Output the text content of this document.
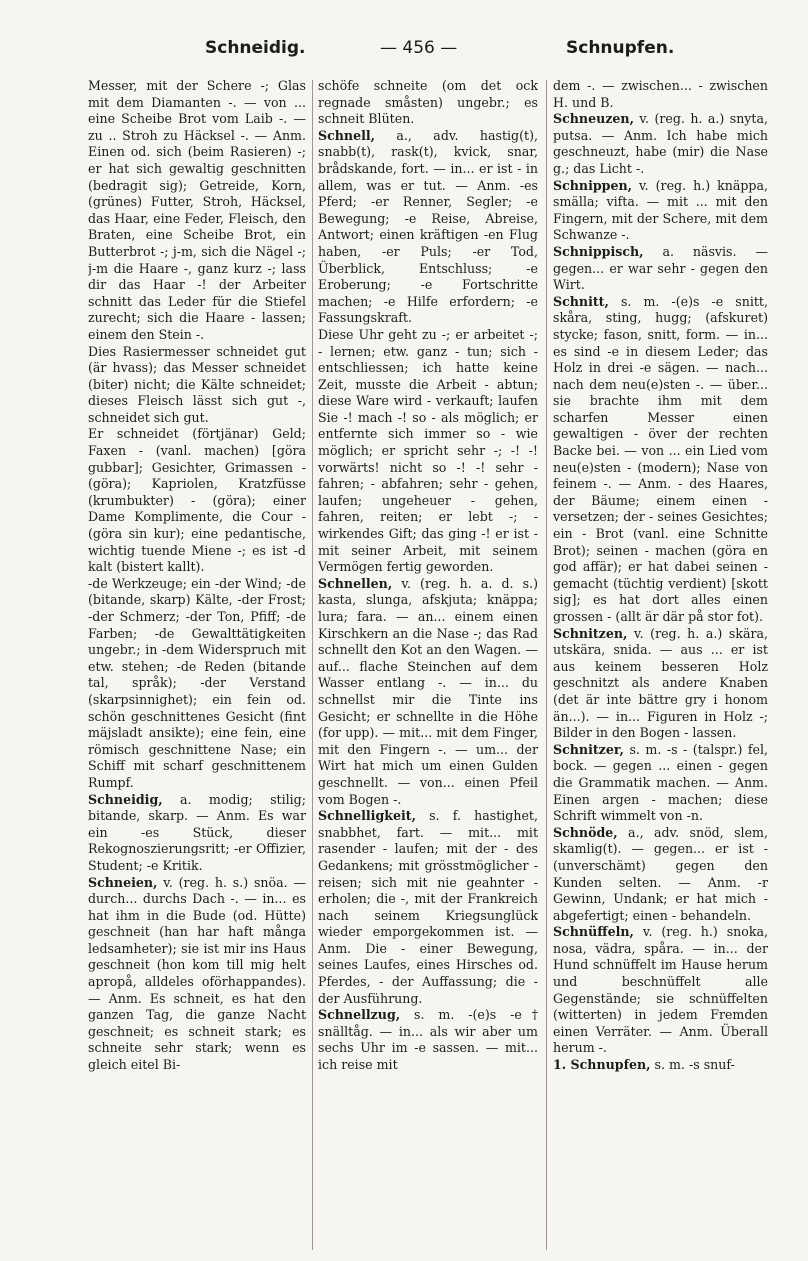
Schneidig.	— 456 —	Schnupfen.

Messer, mit der Schere -; Glas mit dem Diamanten -. — von ... eine Scheibe Brot vom Laib -. — zu .. Stroh zu Häcksel -. — Anm. Einen od. sich (beim Rasieren) -; er hat sich gewaltig geschnitten (bedragit sig); Getreide, Korn, (grünes) Futter, Stroh, Häcksel, das Haar, eine Feder, Fleisch, den Braten, eine Scheibe Brot, ein Butterbrot -; j-m, sich die Nägel -; j-m die Haare -, ganz kurz -; lass dir das Haar -! der Arbeiter schnitt das Leder für die Stiefel zurecht; sich die Haare - lassen; einem den Stein -.

Dies Rasiermesser schneidet gut (är hvass); das Messer schneidet (biter) nicht; die Kälte schneidet; dieses Fleisch lässt sich gut -, schneidet sich gut.

Er schneidet (förtjänar) Geld; Faxen - (vanl. machen) [göra gubbar]; Gesichter, Grimassen - (göra); Kapriolen, Kratzfüsse (krumbukter) - (göra); einer Dame Komplimente, die Cour - (göra sin kur); eine pedantische, wichtig tuende Miene -; es ist -d kalt (bistert kallt).

-de Werkzeuge; ein -der Wind; -de (bitande, skarp) Kälte, -der Frost; -der Schmerz; -der Ton, Pfiff; -de Farben; -de Gewalttätigkeiten ungebr.; in -dem Widerspruch mit etw. stehen; -de Reden (bitande tal, språk); -der Verstand (skarpsinnighet); ein fein od. schön geschnittenes Gesicht (fint mäjsladt ansikte); eine fein, eine römisch geschnittene Nase; ein Schiff mit scharf geschnittenem Rumpf.

Schneidig, a. modig; stilig; bitande, skarp. — Anm. Es war ein -es Stück, dieser Rekognoszierungsritt; -er Offizier, Student; -e Kritik.

Schneien, v. (reg. h. s.) snöa. — durch... durchs Dach -. — in... es hat ihm in die Bude (od. Hütte) geschneit (han har haft många ledsamheter); sie ist mir ins Haus geschneit (hon kom till mig helt apropå, alldeles oförhappandes). — Anm. Es schneit, es hat den ganzen Tag, die ganze Nacht geschneit; es schneit stark; es schneite sehr stark; wenn es gleich eitel Bi-

schöfe schneite (om det ock regnade småsten) ungebr.; es schneit Blüten.

Schnell, a., adv. hastig(t), snabb(t), rask(t), kvick, snar, brådskande, fort. — in... er ist - in allem, was er tut. — Anm. -es Pferd; -er Renner, Segler; -e Bewegung; -e Reise, Abreise, Antwort; einen kräftigen -en Flug haben, -er Puls; -er Tod, Überblick, Entschluss; -e Eroberung; -e Fortschritte machen; -e Hilfe erfordern; -e Fassungskraft.

Diese Uhr geht zu -; er arbeitet -; - lernen; etw. ganz - tun; sich - entschliessen; ich hatte keine Zeit, musste die Arbeit - abtun; diese Ware wird - verkauft; laufen Sie -! mach -! so - als möglich; er entfernte sich immer so - wie möglich; er spricht sehr -; -! -! vorwärts! nicht so -! -! sehr - fahren; - abfahren; sehr - gehen, laufen; ungeheuer - gehen, fahren, reiten; er lebt -; - wirkendes Gift; das ging -! er ist - mit seiner Arbeit, mit seinem Vermögen fertig geworden.

Schnellen, v. (reg. h. a. d. s.) kasta, slunga, afskjuta; knäppa; lura; fara. — an... einem einen Kirschkern an die Nase -; das Rad schnellt den Kot an den Wagen. — auf... flache Steinchen auf dem Wasser entlang -. — in... du schnellst mir die Tinte ins Gesicht; er schnellte in die Höhe (for upp). — mit... mit dem Finger, mit den Fingern -. — um... der Wirt hat mich um einen Gulden geschnellt. — von... einen Pfeil vom Bogen -.

Schnelligkeit, s. f. hastighet, snabbhet, fart. — mit... mit rasender - laufen; mit der - des Gedankens; mit grösstmöglicher - reisen; sich mit nie geahnter - erholen; die -, mit der Frankreich nach seinem Kriegsunglück wieder emporgekommen ist. — Anm. Die - einer Bewegung, seines Laufes, eines Hirsches od. Pferdes, - der Auffassung; die - der Ausführung.

Schnellzug, s. m. -(e)s -e† snälltåg. — in... als wir aber um sechs Uhr im -e sassen. — mit... ich reise mit

dem -. — zwischen... - zwischen H. und B.

Schneuzen, v. (reg. h. a.) snyta, putsa. — Anm. Ich habe mich geschneuzt, habe (mir) die Nase g.; das Licht -.

Schnippen, v. (reg. h.) knäppa, smälla; vifta. — mit ... mit den Fingern, mit der Schere, mit dem Schwanze -.

Schnippisch, a. näsvis. — gegen... er war sehr - gegen den Wirt.

Schnitt, s. m. -(e)s -e snitt, skåra, sting, hugg; (afskuret) stycke; fason, snitt, form. — in... es sind -e in diesem Leder; das Holz in drei -e sägen. — nach... nach dem neu(e)sten -. — über... sie brachte ihm mit dem scharfen Messer einen gewaltigen - över der rechten Backe bei. — von ... ein Lied vom neu(e)sten - (modern); Nase von feinem -. — Anm. - des Haares, der Bäume; einem einen - versetzen; der - seines Gesichtes; ein - Brot (vanl. eine Schnitte Brot); seinen - machen (göra en god affär); er hat dabei seinen - gemacht (tüchtig verdient) [skott sig]; es hat dort alles einen grossen - (allt är där på stor fot).

Schnitzen, v. (reg. h. a.) skära, utskära, snida. — aus ... er ist aus keinem besseren Holz geschnitzt als andere Knaben (det är inte bättre gry i honom än...). — in... Figuren in Holz -; Bilder in den Bogen - lassen.

Schnitzer, s. m. -s - (talspr.) fel, bock. — gegen ... einen - gegen die Grammatik machen. — Anm. Einen argen - machen; diese Schrift wimmelt von -n.

Schnöde, a., adv. snöd, slem, skamlig(t). — gegen... er ist - (unverschämt) gegen den Kunden selten. — Anm. -r Gewinn, Undank; er hat mich - abgefertigt; einen - behandeln.

Schnüffeln, v. (reg. h.) snoka, nosa, vädra, spåra. — in... der Hund schnüffelt im Hause herum und beschnüffelt alle Gegenstände; sie schnüffelten (witterten) in jedem Fremden einen Verräter. — Anm. Überall herum -.

1. Schnupfen, s. m. -s snuf-
